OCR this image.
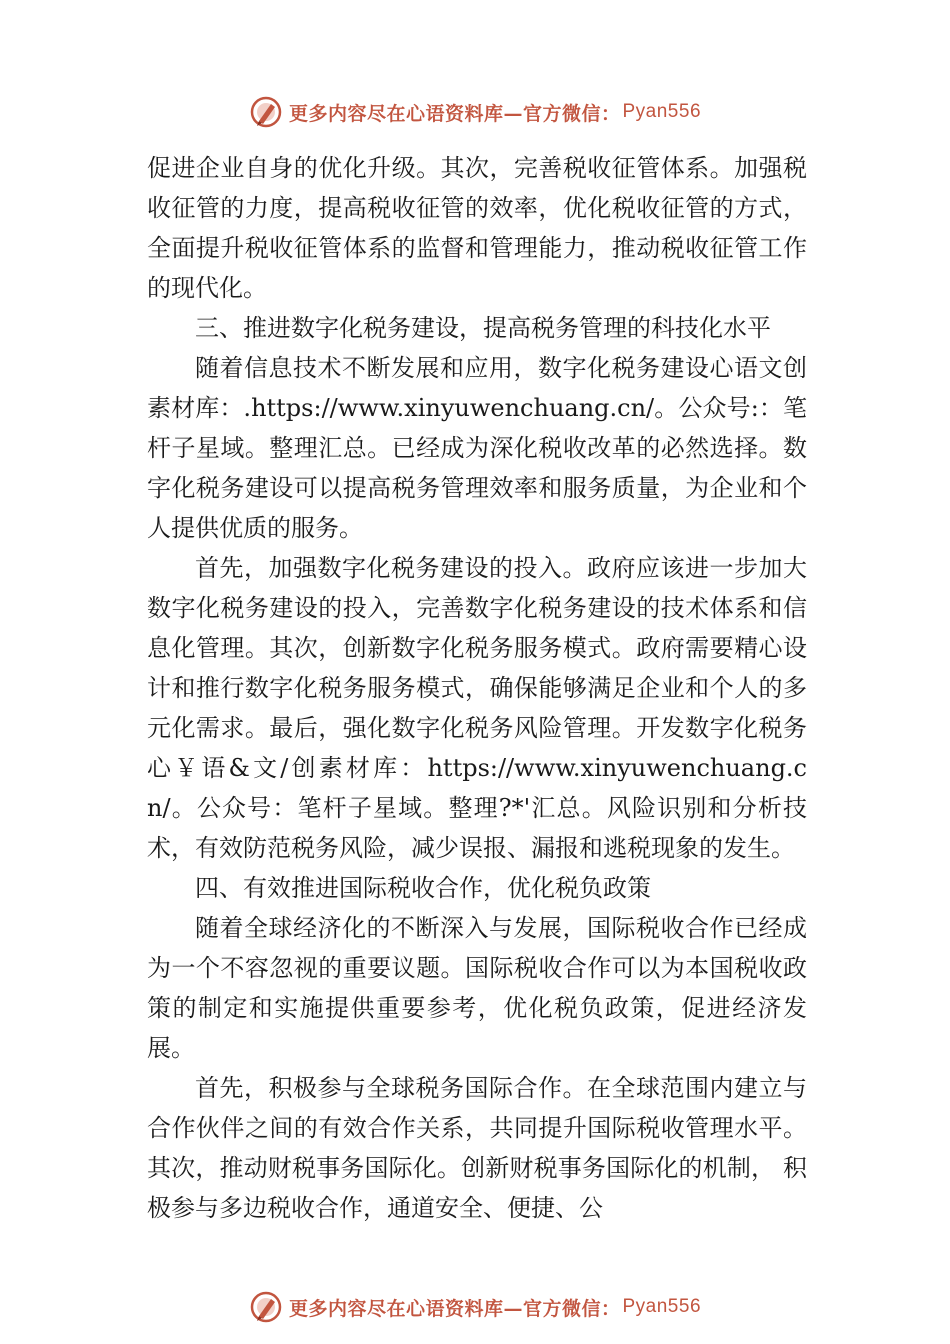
更多内容尽在心语资料库—官方微信： Pyan556

促进企业自身的优化升级。其次，完善税收征管体系。加强税收征管的力度，提高税收征管的效率，优化税收征管的方式，全面提升税收征管体系的监督和管理能力，推动税收征管工作的现代化。

三、推进数字化税务建设，提高税务管理的科技化水平

随着信息技术不断发展和应用，数字化税务建设心语文创素材库：.https://www.xinyuwenchuang.cn/。公众号:：笔杆子星域。整理汇总。已经成为深化税收改革的必然选择。数字化税务建设可以提高税务管理效率和服务质量，为企业和个人提供优质的服务。

首先，加强数字化税务建设的投入。政府应该进一步加大数字化税务建设的投入，完善数字化税务建设的技术体系和信息化管理。其次，创新数字化税务服务模式。政府需要精心设计和推行数字化税务服务模式，确保能够满足企业和个人的多元化需求。最后，强化数字化税务风险管理。开发数字化税务心￥语&文/创素材库：https://www.xinyuwenchuang.cn/。公众号：笔杆子星域。整理?*'汇总。风险识别和分析技术，有效防范税务风险，减少误报、漏报和逃税现象的发生。

四、有效推进国际税收合作，优化税负政策

随着全球经济化的不断深入与发展，国际税收合作已经成为一个不容忽视的重要议题。国际税收合作可以为本国税收政策的制定和实施提供重要参考，优化税负政策，促进经济发展。

首先，积极参与全球税务国际合作。在全球范围内建立与合作伙伴之间的有效合作关系，共同提升国际税收管理水平。其次，推动财税事务国际化。创新财税事务国际化的机制， 积极参与多边税收合作，通道安全、便捷、公

更多内容尽在心语资料库—官方微信： Pyan556
